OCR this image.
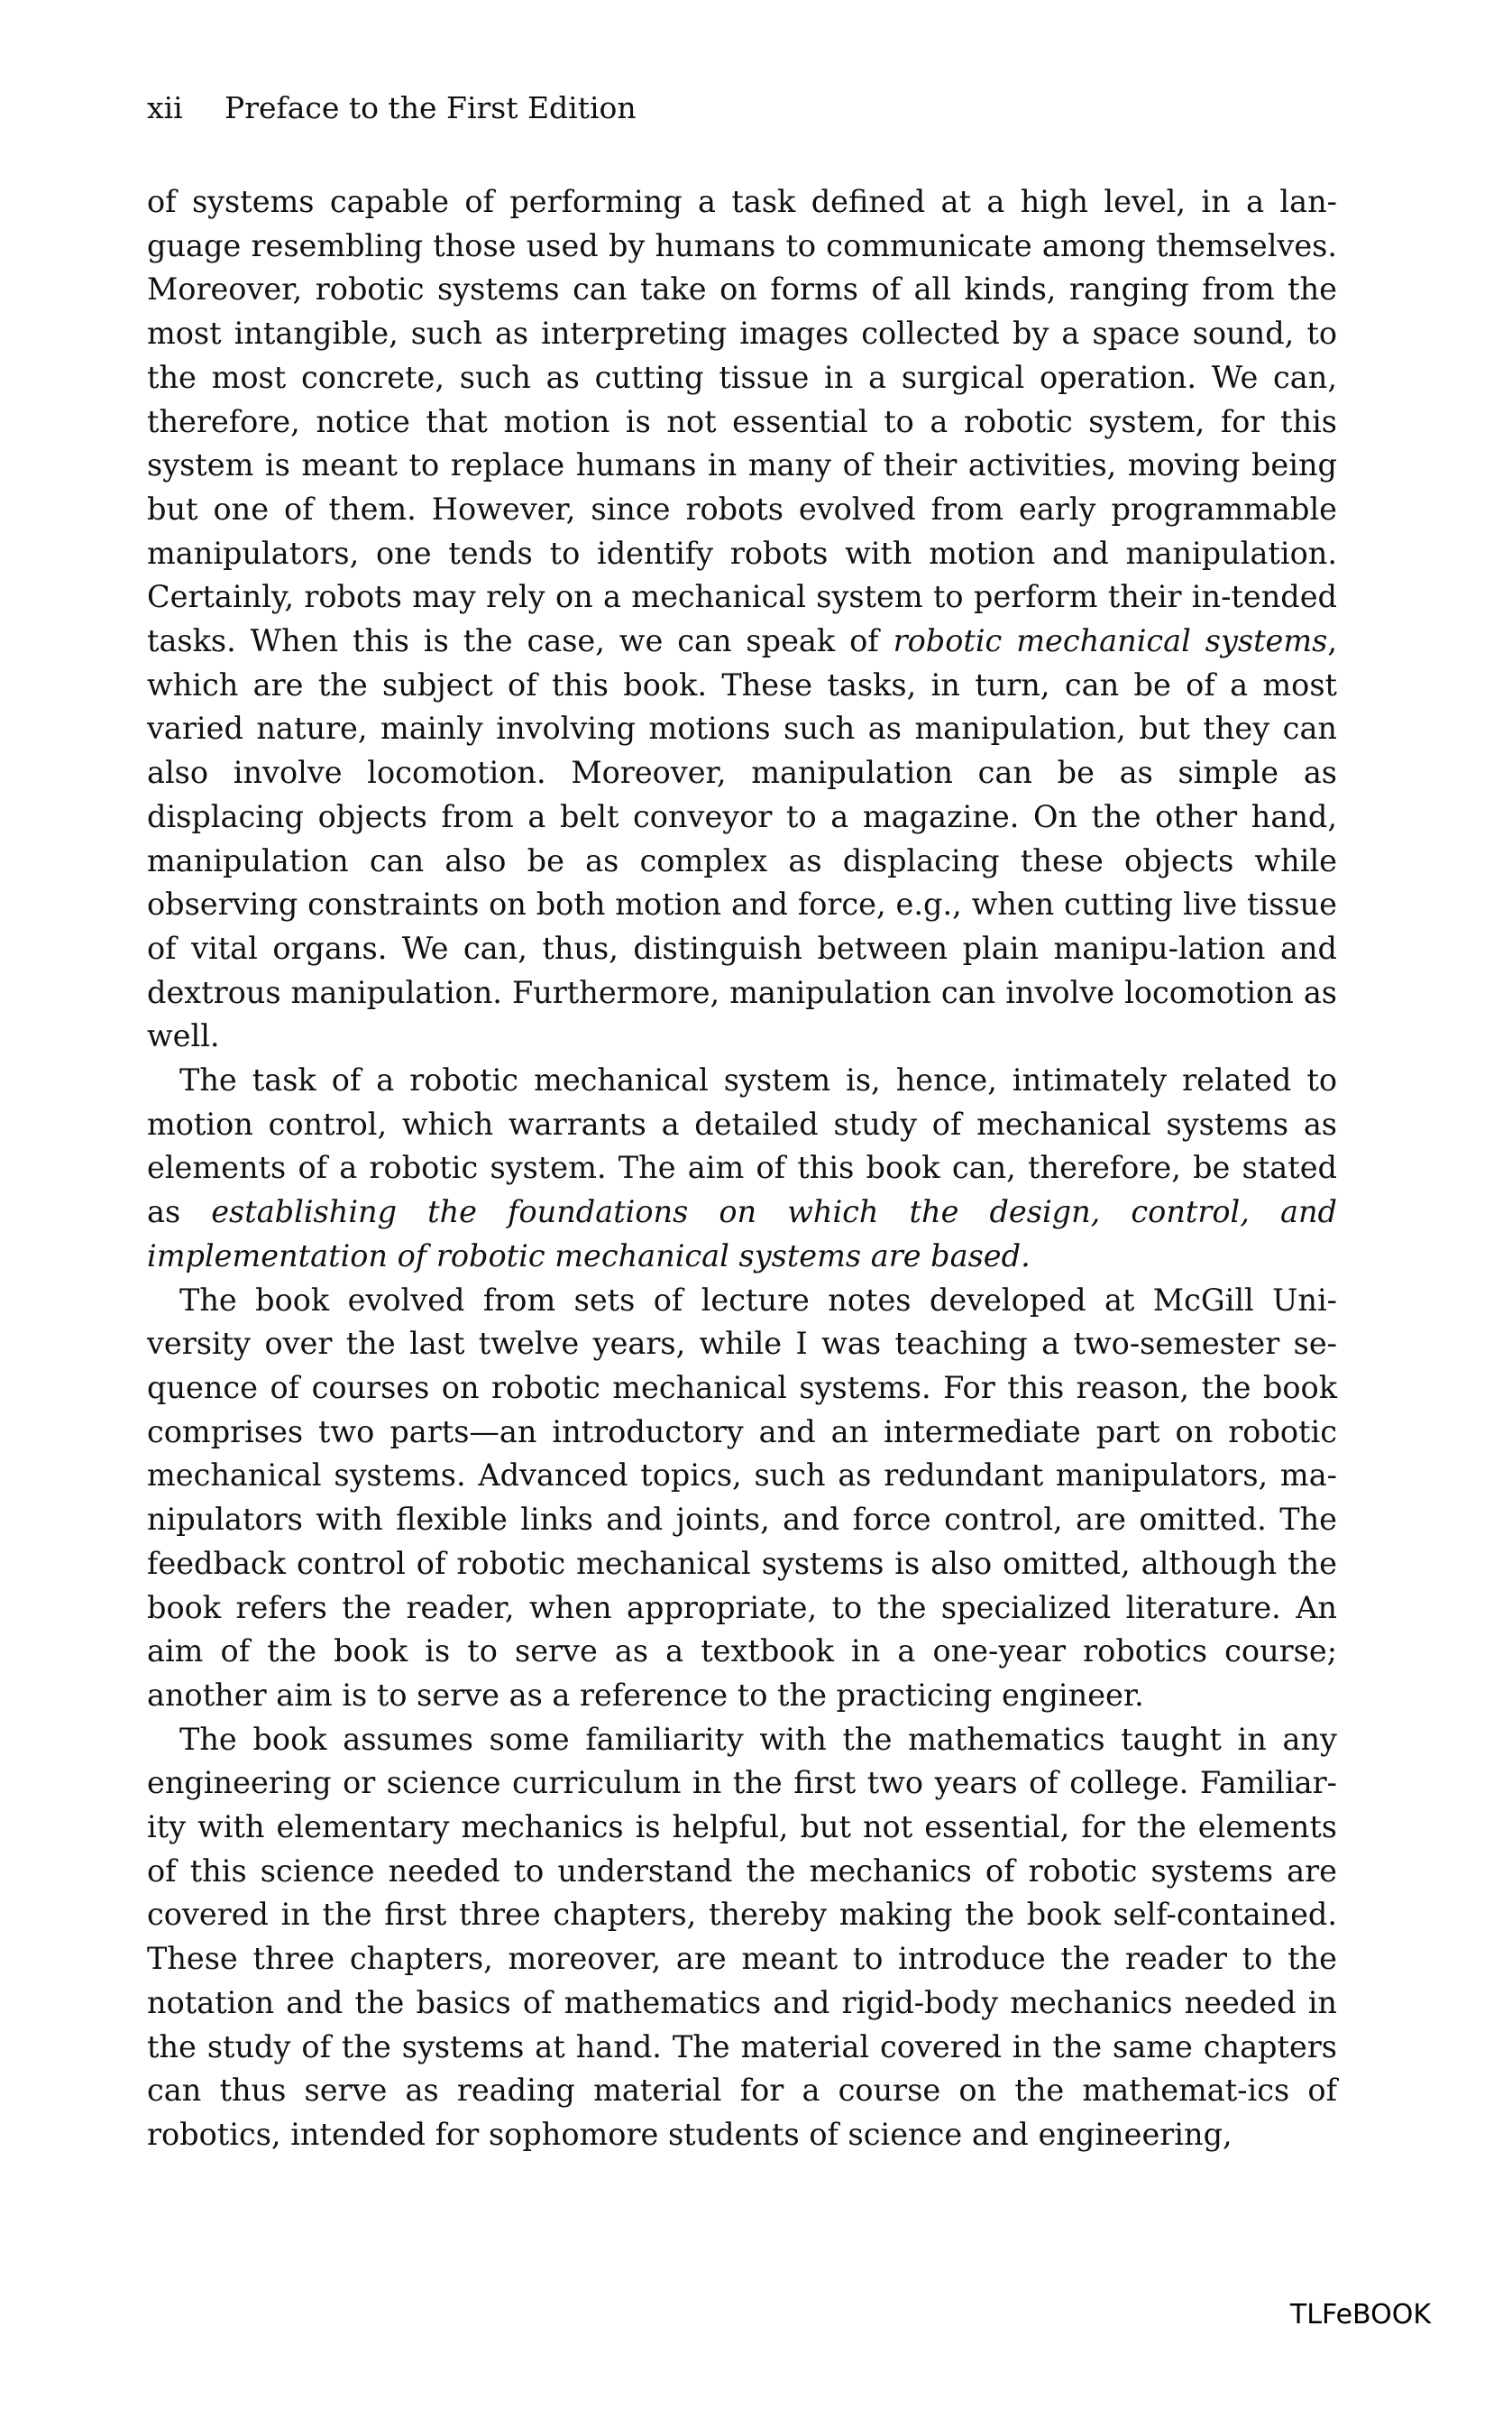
xii Preface to the First Edition

of systems capable of performing a task defined at a high level, in a lan-guage resembling those used by humans to communicate among themselves. Moreover, robotic systems can take on forms of all kinds, ranging from the most intangible, such as interpreting images collected by a space sound, to the most concrete, such as cutting tissue in a surgical operation. We can, therefore, notice that motion is not essential to a robotic system, for this system is meant to replace humans in many of their activities, moving being but one of them. However, since robots evolved from early programmable manipulators, one tends to identify robots with motion and manipulation. Certainly, robots may rely on a mechanical system to perform their in-tended tasks. When this is the case, we can speak of robotic mechanical systems, which are the subject of this book. These tasks, in turn, can be of a most varied nature, mainly involving motions such as manipulation, but they can also involve locomotion. Moreover, manipulation can be as simple as displacing objects from a belt conveyor to a magazine. On the other hand, manipulation can also be as complex as displacing these objects while observing constraints on both motion and force, e.g., when cutting live tissue of vital organs. We can, thus, distinguish between plain manipu-lation and dextrous manipulation. Furthermore, manipulation can involve locomotion as well.

The task of a robotic mechanical system is, hence, intimately related to motion control, which warrants a detailed study of mechanical systems as elements of a robotic system. The aim of this book can, therefore, be stated as establishing the foundations on which the design, control, and implementation of robotic mechanical systems are based.

The book evolved from sets of lecture notes developed at McGill Uni-versity over the last twelve years, while I was teaching a two-semester se-quence of courses on robotic mechanical systems. For this reason, the book comprises two parts—an introductory and an intermediate part on robotic mechanical systems. Advanced topics, such as redundant manipulators, ma-nipulators with flexible links and joints, and force control, are omitted. The feedback control of robotic mechanical systems is also omitted, although the book refers the reader, when appropriate, to the specialized literature. An aim of the book is to serve as a textbook in a one-year robotics course; another aim is to serve as a reference to the practicing engineer.

The book assumes some familiarity with the mathematics taught in any engineering or science curriculum in the first two years of college. Familiar-ity with elementary mechanics is helpful, but not essential, for the elements of this science needed to understand the mechanics of robotic systems are covered in the first three chapters, thereby making the book self-contained. These three chapters, moreover, are meant to introduce the reader to the notation and the basics of mathematics and rigid-body mechanics needed in the study of the systems at hand. The material covered in the same chapters can thus serve as reading material for a course on the mathemat-ics of robotics, intended for sophomore students of science and engineering,

TLFeBOOK
